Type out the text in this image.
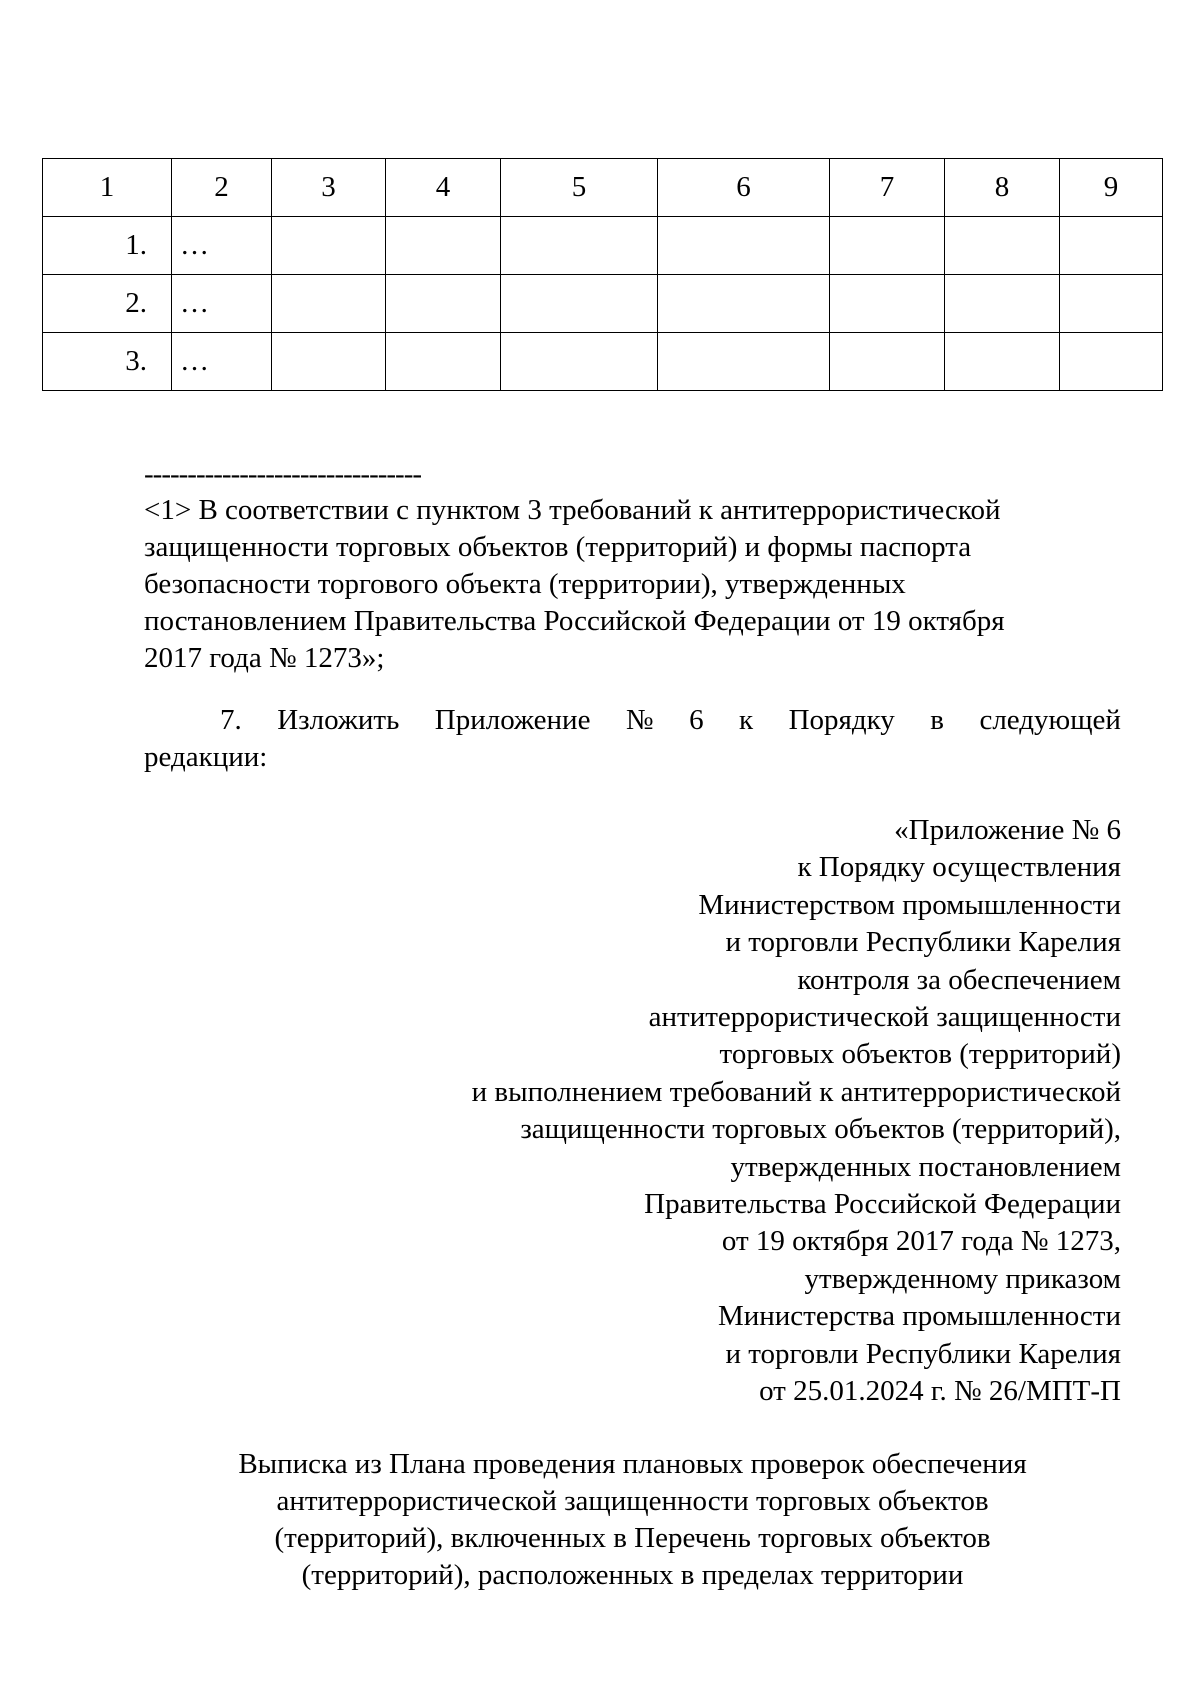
1	2	3	4	5	6	7	8	9
1.	…							
2.	…							
3.	…							
--------------------------------
<1> В соответствии с пунктом 3 требований к антитеррористической
защищенности торговых объектов (территорий) и формы паспорта
безопасности торгового объекта (территории), утвержденных
постановлением Правительства Российской Федерации от 19 октября
2017 года № 1273»;
7. Изложить Приложение № 6 к Порядку в следующей
редакции:
«Приложение № 6
к Порядку осуществления
Министерством промышленности
и торговли Республики Карелия
контроля за обеспечением
антитеррористической защищенности
торговых объектов (территорий)
и выполнением требований к антитеррористической
защищенности торговых объектов (территорий),
утвержденных постановлением
Правительства Российской Федерации
от 19 октября 2017 года № 1273,
утвержденному приказом
Министерства промышленности
и торговли Республики Карелия
от 25.01.2024 г. № 26/МПТ-П
Выписка из Плана проведения плановых проверок обеспечения
антитеррористической защищенности торговых объектов
(территорий), включенных в Перечень торговых объектов
(территорий), расположенных в пределах территории
